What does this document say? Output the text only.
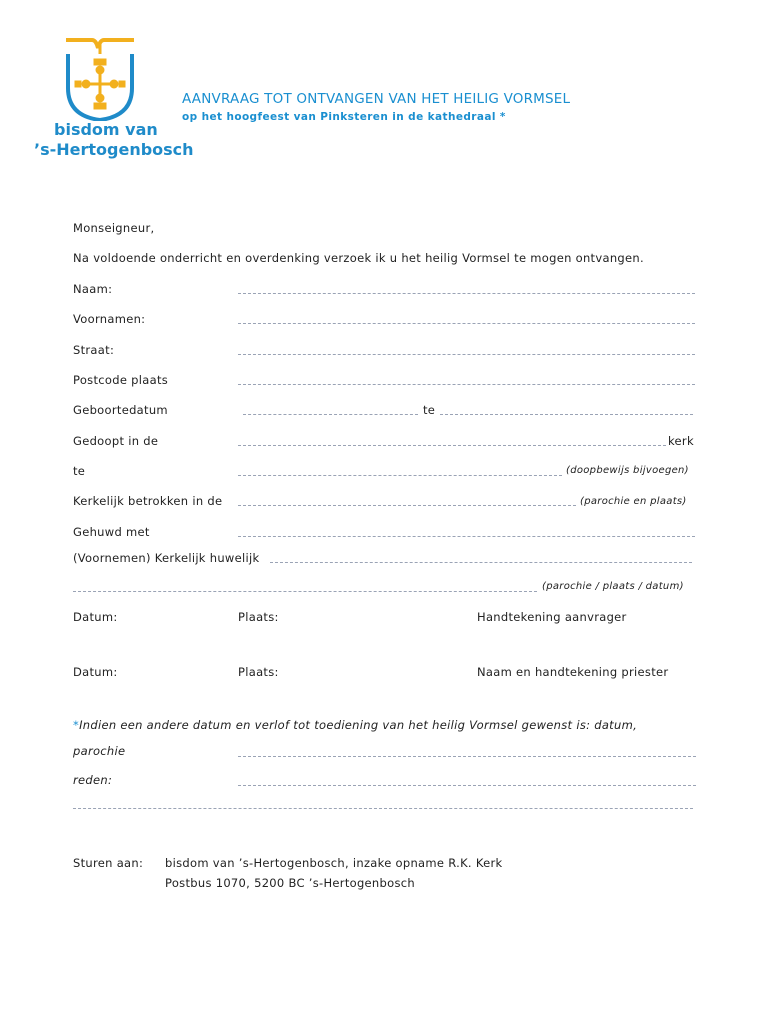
bisdom van
’s-Hertogenbosch
AANVRAAG TOT ONTVANGEN VAN HET HEILIG VORMSEL
op het hoogfeest van Pinksteren in de kathedraal *
Monseigneur,
Na voldoende onderricht en overdenking verzoek ik u het heilig Vormsel te mogen ontvangen.
Naam:
Voornamen:
Straat:
Postcode plaats
Geboortedatum	te
Gedoopt in de	kerk
te	(doopbewijs bijvoegen)
Kerkelijk betrokken in de	(parochie en plaats)
Gehuwd met
(Voornemen) Kerkelijk huwelijk
(parochie / plaats / datum)
Datum:	Plaats:	Handtekening aanvrager
Datum:	Plaats:	Naam en handtekening priester
*Indien een andere datum en verlof tot toediening van het heilig Vormsel gewenst is: datum,
parochie
reden:
Sturen aan: bisdom van ’s-Hertogenbosch, inzake opname R.K. Kerk
Postbus 1070, 5200 BC ’s-Hertogenbosch
